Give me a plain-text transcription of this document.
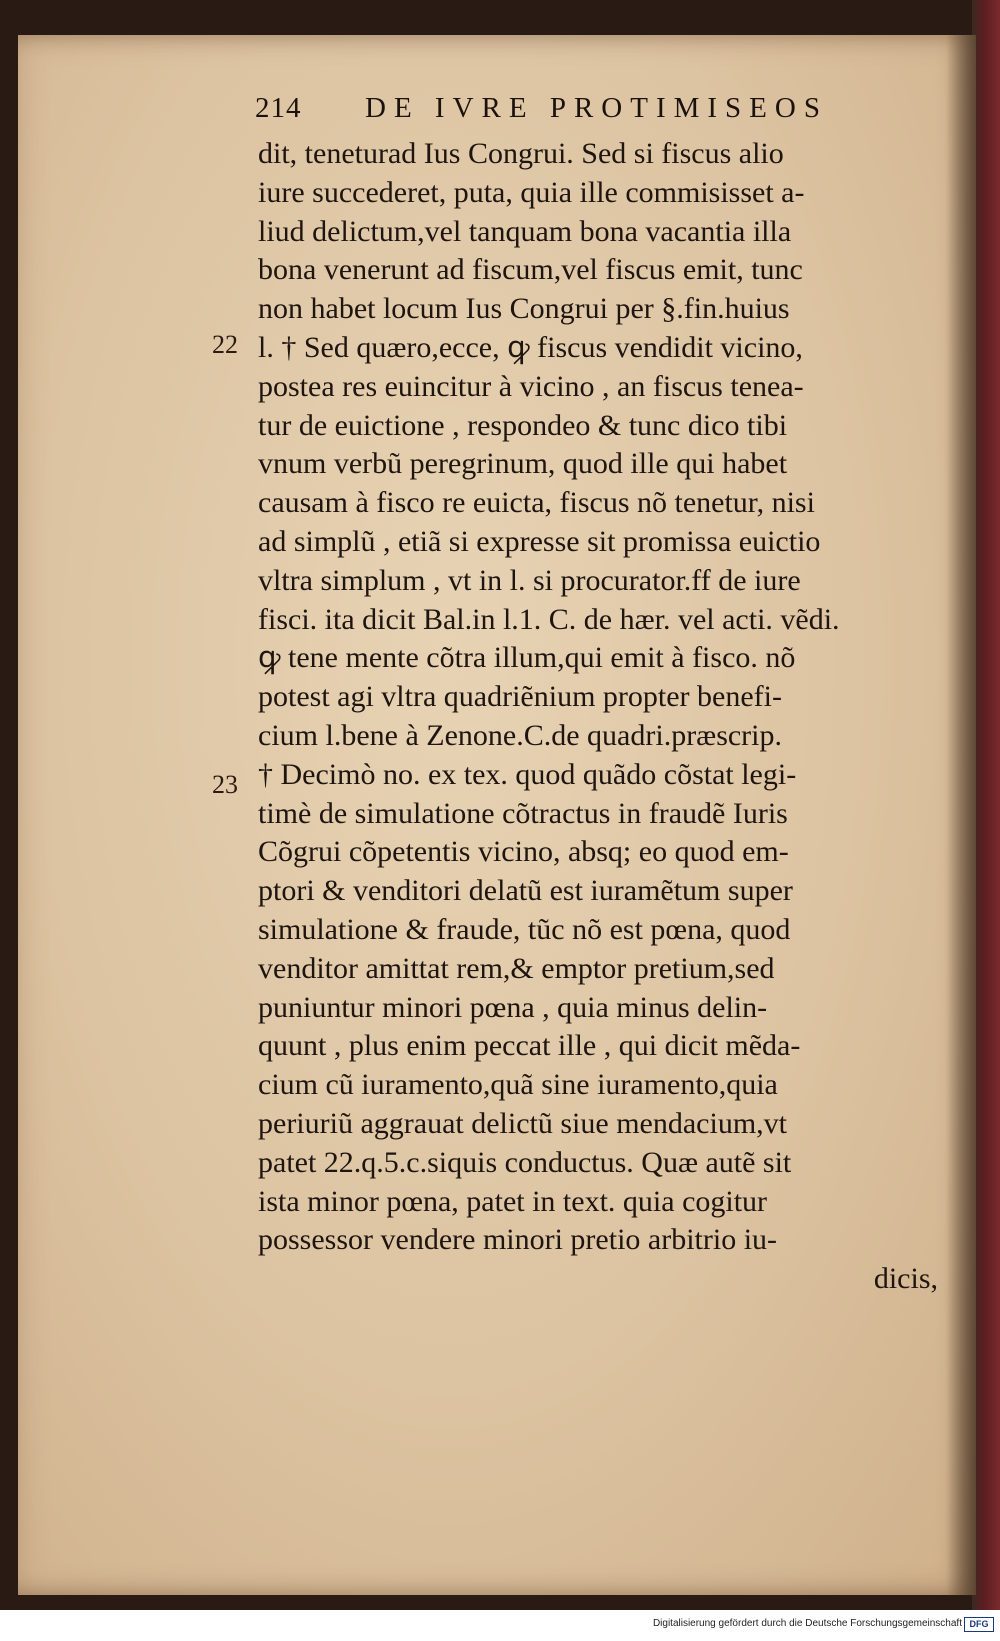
214 DE IVRE PROTIMISEOS
22
23
dit, teneturad Ius Congrui. Sed si fiscus alio
iure succederet, puta, quia ille commisisset a-
liud delictum,vel tanquam bona vacantia illa
bona venerunt ad fiscum,vel fiscus emit, tunc
non habet locum Ius Congrui per §.fin.huius
l. † Sed quæro,ecce, ꝙ fiscus vendidit vicino,
postea res euincitur à vicino , an fiscus tenea-
tur de euictione , respondeo & tunc dico tibi
vnum verbũ peregrinum, quod ille qui habet
causam à fisco re euicta, fiscus nõ tenetur, nisi
ad simplũ , etiã si expresse sit promissa euictio
vltra simplum , vt in l. si procurator.ff de iure
fisci. ita dicit Bal.in l.1. C. de hær. vel acti. vẽdi.
ꝙ tene mente cõtra illum,qui emit à fisco. nõ
potest agi vltra quadriẽnium propter benefi-
cium l.bene à Zenone.C.de quadri.præscrip.
† Decimò no. ex tex. quod quãdo cõstat legi-
timè de simulatione cõtractus in fraudẽ Iuris
Cõgrui cõpetentis vicino, absq; eo quod em-
ptori & venditori delatũ est iuramẽtum super
simulatione & fraude, tũc nõ est pœna, quod
venditor amittat rem,& emptor pretium,sed
puniuntur minori pœna , quia minus delin-
quunt , plus enim peccat ille , qui dicit mẽda-
cium cũ iuramento,quã sine iuramento,quia
periuriũ aggrauat delictũ siue mendacium,vt
patet 22.q.5.c.siquis conductus. Quæ autẽ sit
ista minor pœna, patet in text. quia cogitur
possessor vendere minori pretio arbitrio iu-
dicis,
Digitalisierung gefördert durch die Deutsche Forschungsgemeinschaft DFG
